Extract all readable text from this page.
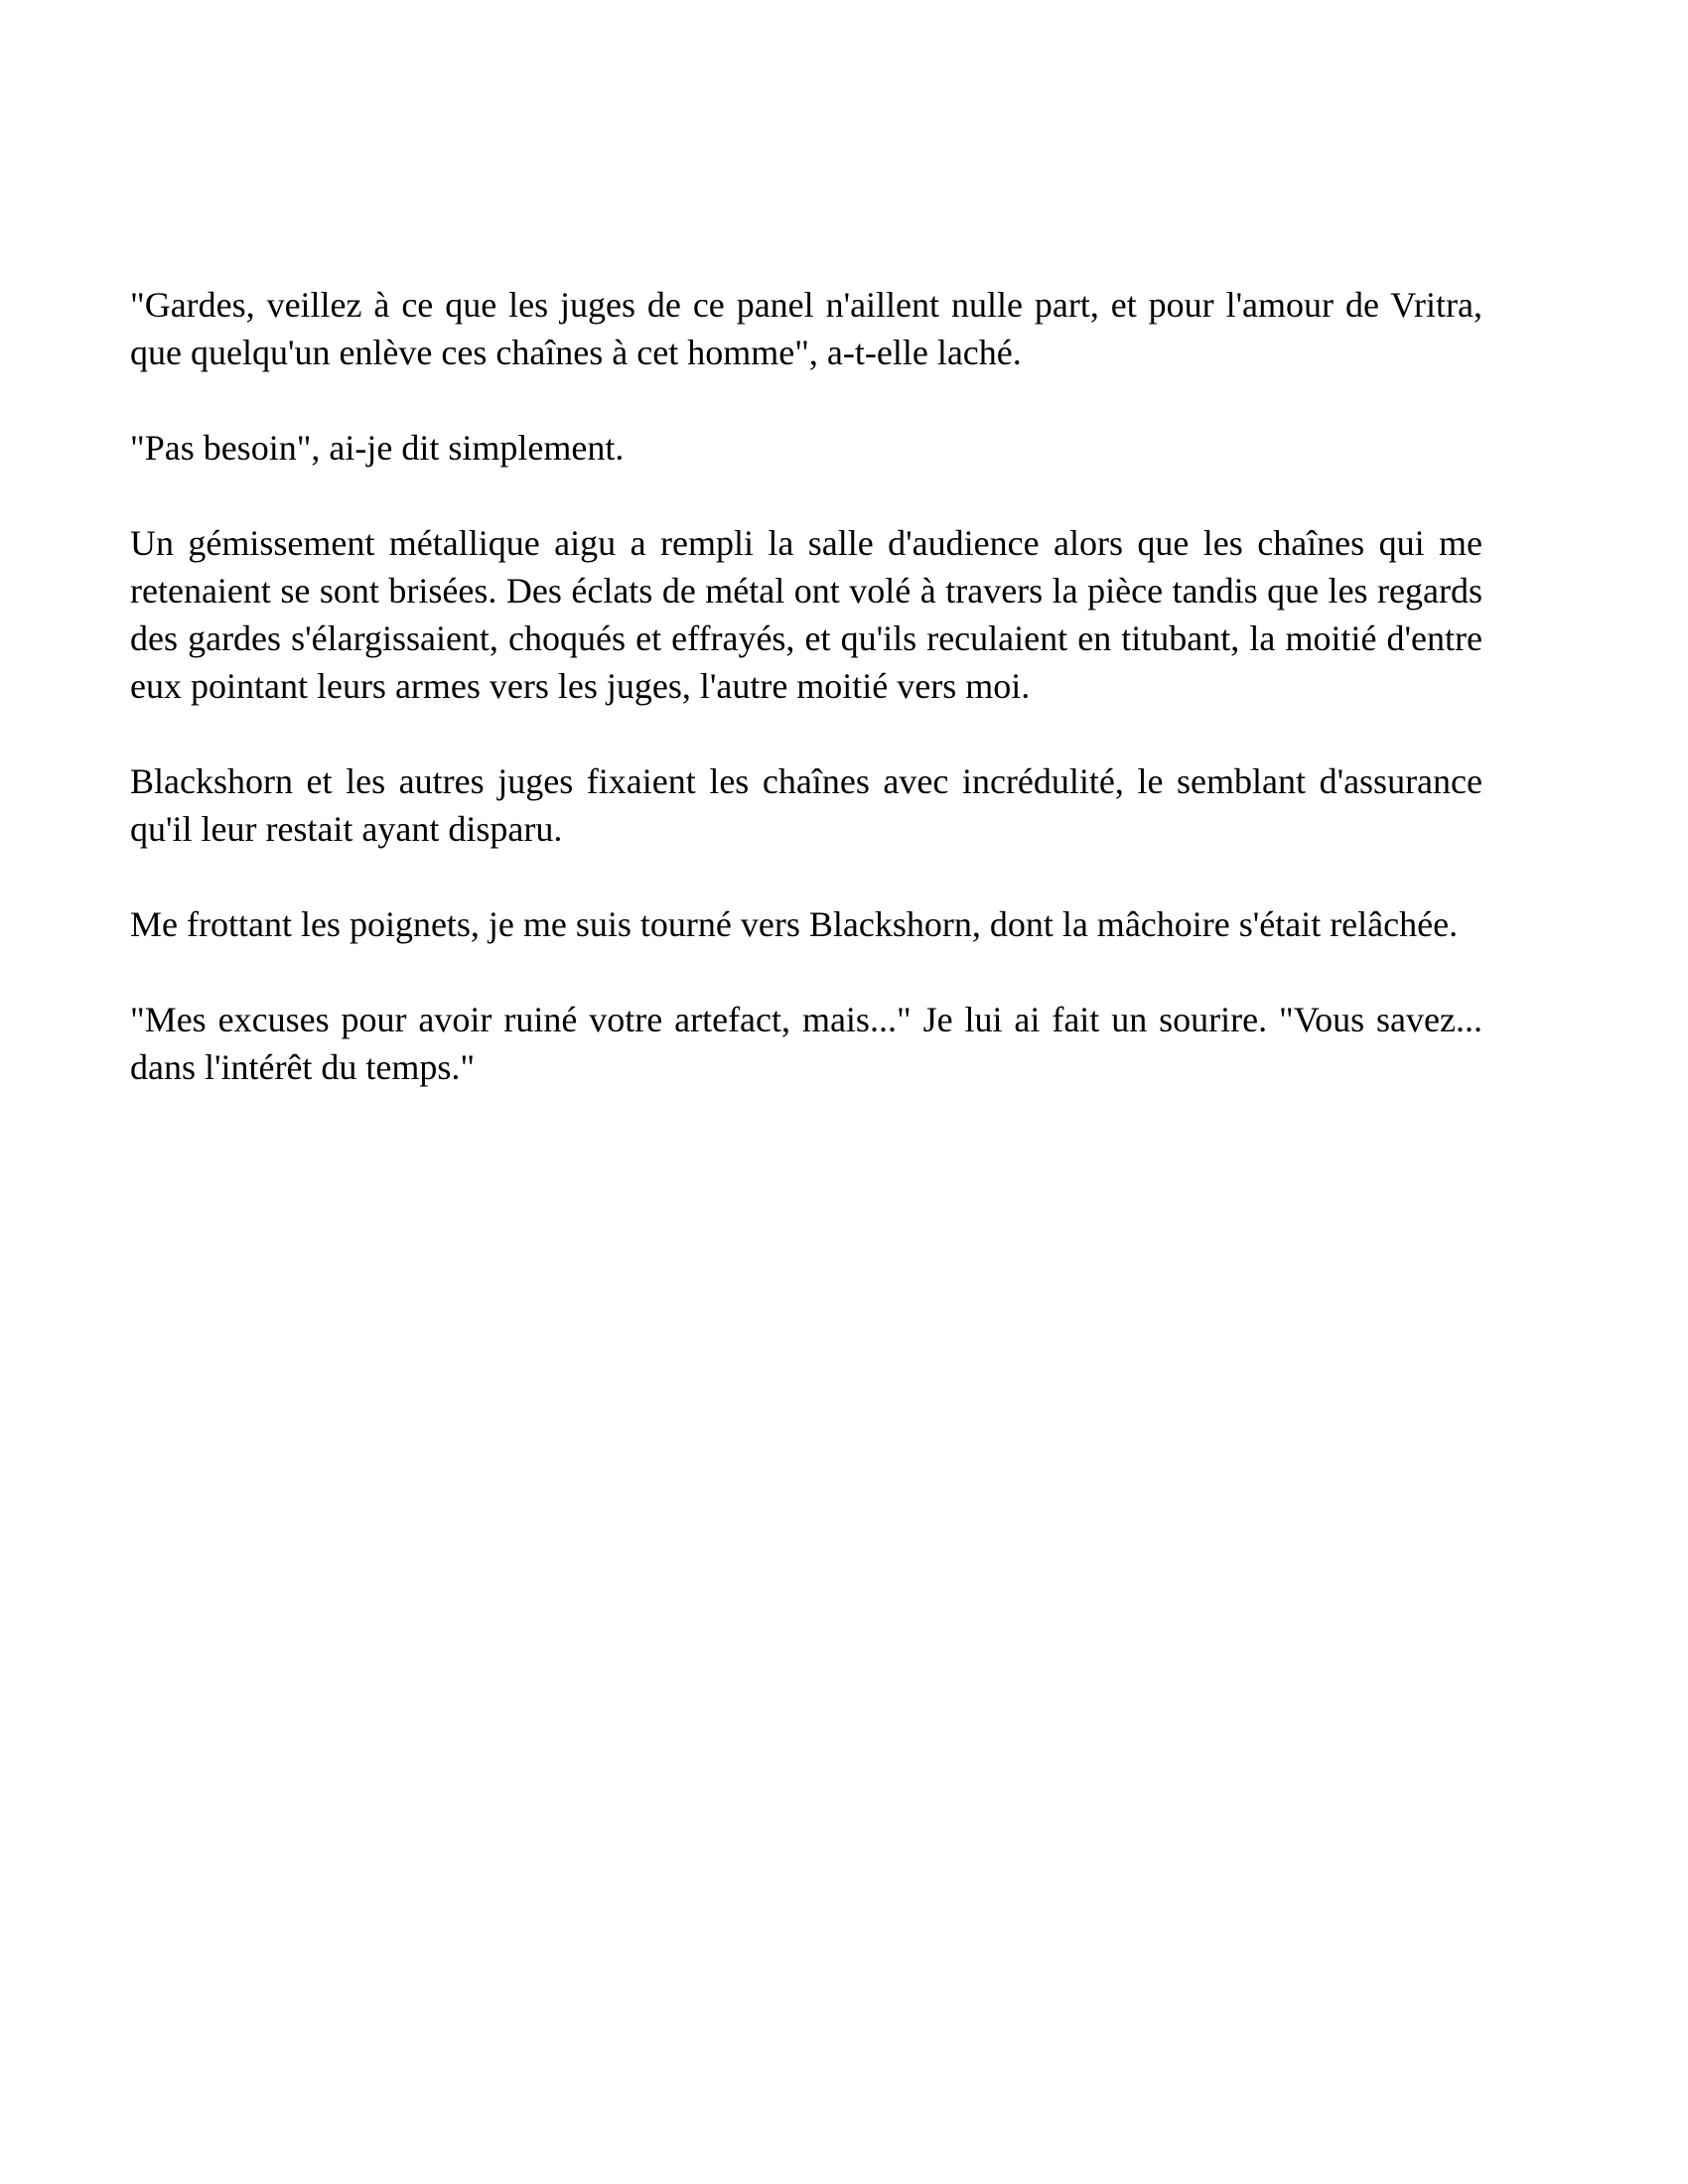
"Gardes, veillez à ce que les juges de ce panel n'aillent nulle part, et pour l'amour de Vritra, que quelqu'un enlève ces chaînes à cet homme", a-t-elle laché.

"Pas besoin", ai-je dit simplement.

Un gémissement métallique aigu a rempli la salle d'audience alors que les chaînes qui me retenaient se sont brisées. Des éclats de métal ont volé à travers la pièce tandis que les regards des gardes s'élargissaient, choqués et effrayés, et qu'ils reculaient en titubant, la moitié d'entre eux pointant leurs armes vers les juges, l'autre moitié vers moi.

Blackshorn et les autres juges fixaient les chaînes avec incrédulité, le semblant d'assurance qu'il leur restait ayant disparu.

Me frottant les poignets, je me suis tourné vers Blackshorn, dont la mâchoire s'était relâchée.

"Mes excuses pour avoir ruiné votre artefact, mais..." Je lui ai fait un sourire. "Vous savez... dans l'intérêt du temps."
